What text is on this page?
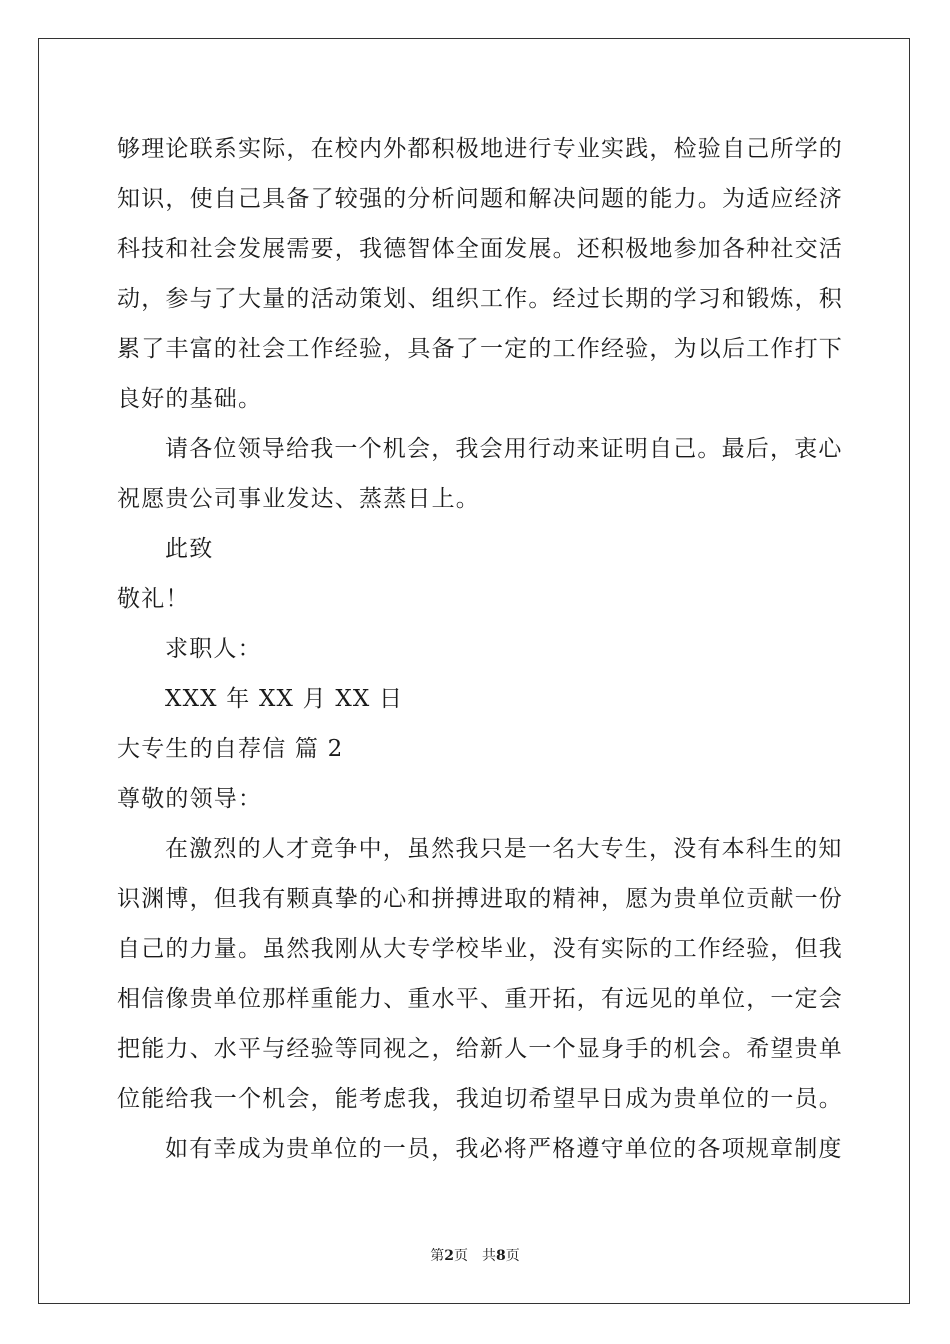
够理论联系实际，在校内外都积极地进行专业实践，检验自己所学的
知识，使自己具备了较强的分析问题和解决问题的能力。为适应经济
科技和社会发展需要，我德智体全面发展。还积极地参加各种社交活
动，参与了大量的活动策划、组织工作。经过长期的学习和锻炼，积
累了丰富的社会工作经验，具备了一定的工作经验，为以后工作打下
良好的基础。
请各位领导给我一个机会，我会用行动来证明自己。最后，衷心
祝愿贵公司事业发达、蒸蒸日上。
此致
敬礼！
求职人：
XXX 年 XX 月 XX 日
大专生的自荐信 篇 2
尊敬的领导：
在激烈的人才竞争中，虽然我只是一名大专生，没有本科生的知
识渊博，但我有颗真挚的心和拼搏进取的精神，愿为贵单位贡献一份
自己的力量。虽然我刚从大专学校毕业，没有实际的工作经验，但我
相信像贵单位那样重能力、重水平、重开拓，有远见的单位，一定会
把能力、水平与经验等同视之，给新人一个显身手的机会。希望贵单
位能给我一个机会，能考虑我，我迫切希望早日成为贵单位的一员。
如有幸成为贵单位的一员，我必将严格遵守单位的各项规章制度
第2页 共8页
